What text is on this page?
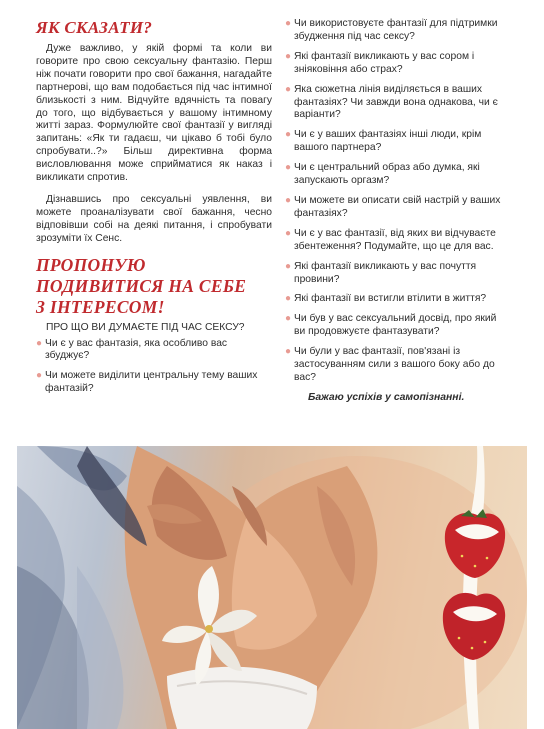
ЯК СКАЗАТИ?

Дуже важливо, у якій формі та коли ви говорите про свою сексуальну фантазію. Перш ніж почати говорити про свої бажання, нагадайте партнерові, що вам подобається під час інтимної близькості з ним. Відчуйте вдячність та повагу до того, що відбувається у вашому інтимному житті зараз. Формулюйте свої фантазії у вигляді запитань: «Як ти гадаєш, чи цікаво б тобі було спробувати..?» Більш директивна форма висловлювання може сприйматися як наказ і викликати спротив.

Дізнавшись про сексуальні уявлення, ви можете проаналізувати свої бажання, чесно відповівши собі на деякі питання, і спробувати зрозуміти їх Сенс.

ПРОПОНУЮ
ПОДИВИТИСЯ НА СЕБЕ
З ІНТЕРЕСОМ!
ПРО ЩО ВИ ДУМАЄТЕ ПІД ЧАС СЕКСУ?
● Чи є у вас фантазія, яка особливо вас збуджує?
● Чи можете виділити центральну тему ваших фантазій?
● Чи використовуєте фантазії для підтримки збудження під час сексу?
● Які фантазії викликають у вас сором і зніяковіння або страх?
● Яка сюжетна лінія виділяється в ваших фантазіях? Чи завжди вона однакова, чи є варіанти?
● Чи є у ваших фантазіях інші люди, крім вашого партнера?
● Чи є центральний образ або думка, які запускають оргазм?
● Чи можете ви описати свій настрій у ваших фантазіях?
● Чи є у вас фантазії, від яких ви відчуваєте збентеження? Подумайте, що це для вас.
● Які фантазії викликають у вас почуття провини?
● Які фантазії ви встигли втілити в життя?
● Чи був у вас сексуальний досвід, про який ви продовжуєте фантазувати?
● Чи були у вас фантазії, пов'язані із застосуванням сили з вашого боку або до вас?
Бажаю успіхів у самопізнанні.
